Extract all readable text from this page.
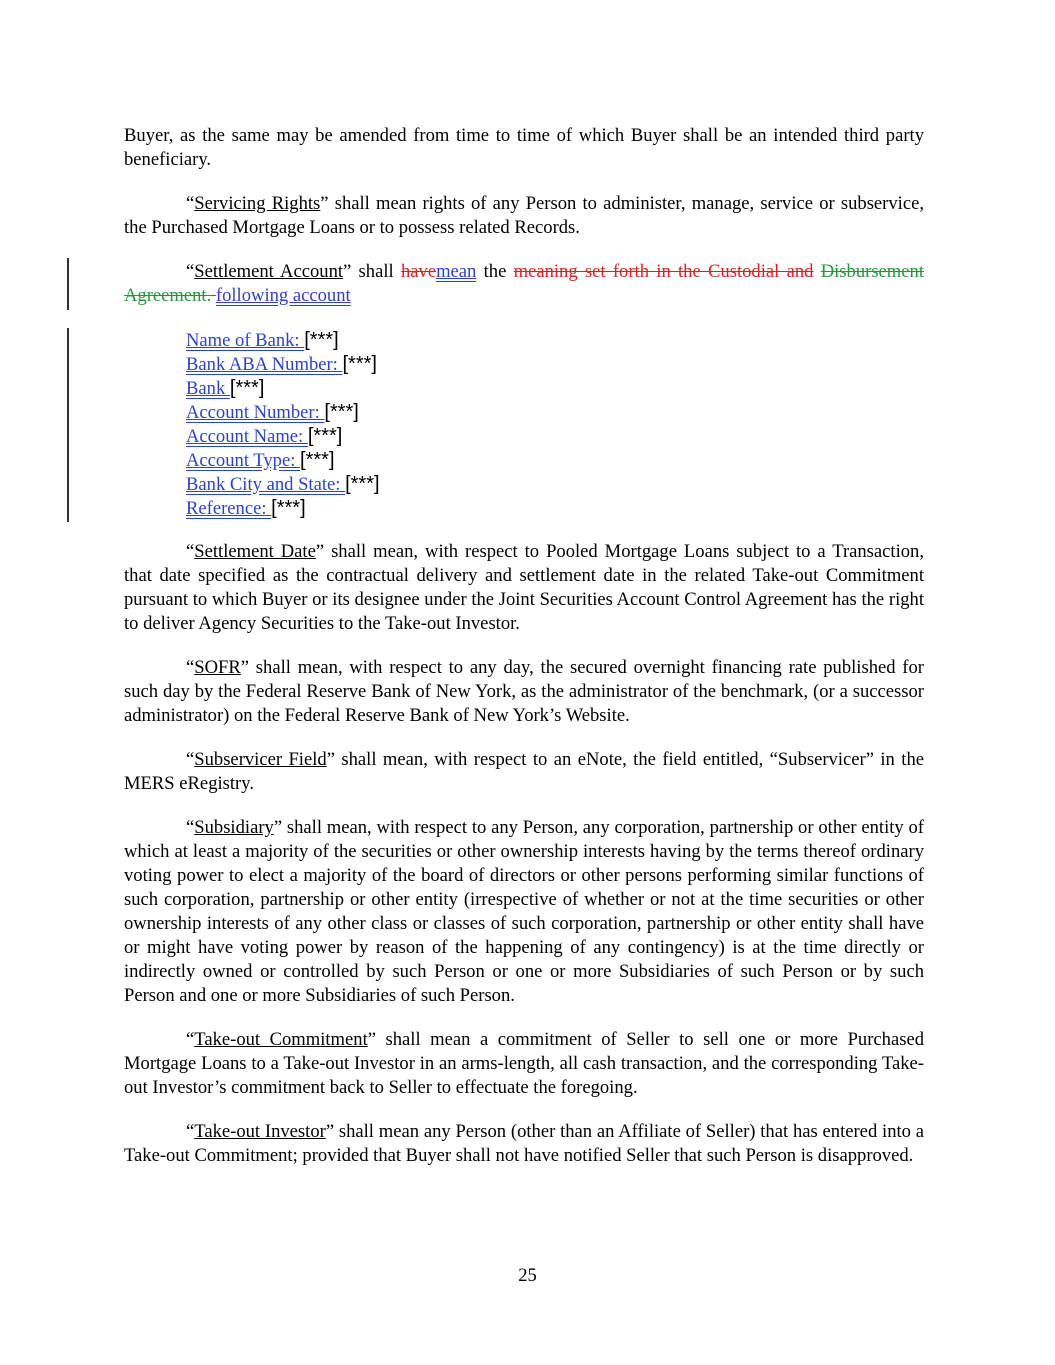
Buyer, as the same may be amended from time to time of which Buyer shall be an intended third party beneficiary.

“Servicing Rights” shall mean rights of any Person to administer, manage, service or subservice, the Purchased Mortgage Loans or to possess related Records.

“Settlement Account” shall havemean the meaning set forth in the Custodial and Disbursement Agreement. following account

Name of Bank: [***]
Bank ABA Number: [***]
Bank [***]
Account Number: [***]
Account Name: [***]
Account Type: [***]
Bank City and State: [***]
Reference: [***]

“Settlement Date” shall mean, with respect to Pooled Mortgage Loans subject to a Transaction, that date specified as the contractual delivery and settlement date in the related Take-out Commitment pursuant to which Buyer or its designee under the Joint Securities Account Control Agreement has the right to deliver Agency Securities to the Take-out Investor.

“SOFR” shall mean, with respect to any day, the secured overnight financing rate published for such day by the Federal Reserve Bank of New York, as the administrator of the benchmark, (or a successor administrator) on the Federal Reserve Bank of New York’s Website.

“Subservicer Field” shall mean, with respect to an eNote, the field entitled, “Subservicer” in the MERS eRegistry.

“Subsidiary” shall mean, with respect to any Person, any corporation, partnership or other entity of which at least a majority of the securities or other ownership interests having by the terms thereof ordinary voting power to elect a majority of the board of directors or other persons performing similar functions of such corporation, partnership or other entity (irrespective of whether or not at the time securities or other ownership interests of any other class or classes of such corporation, partnership or other entity shall have or might have voting power by reason of the happening of any contingency) is at the time directly or indirectly owned or controlled by such Person or one or more Subsidiaries of such Person or by such Person and one or more Subsidiaries of such Person.

“Take-out Commitment” shall mean a commitment of Seller to sell one or more Purchased Mortgage Loans to a Take-out Investor in an arms-length, all cash transaction, and the corresponding Take-out Investor’s commitment back to Seller to effectuate the foregoing.

“Take-out Investor” shall mean any Person (other than an Affiliate of Seller) that has entered into a Take-out Commitment; provided that Buyer shall not have notified Seller that such Person is disapproved.

25
